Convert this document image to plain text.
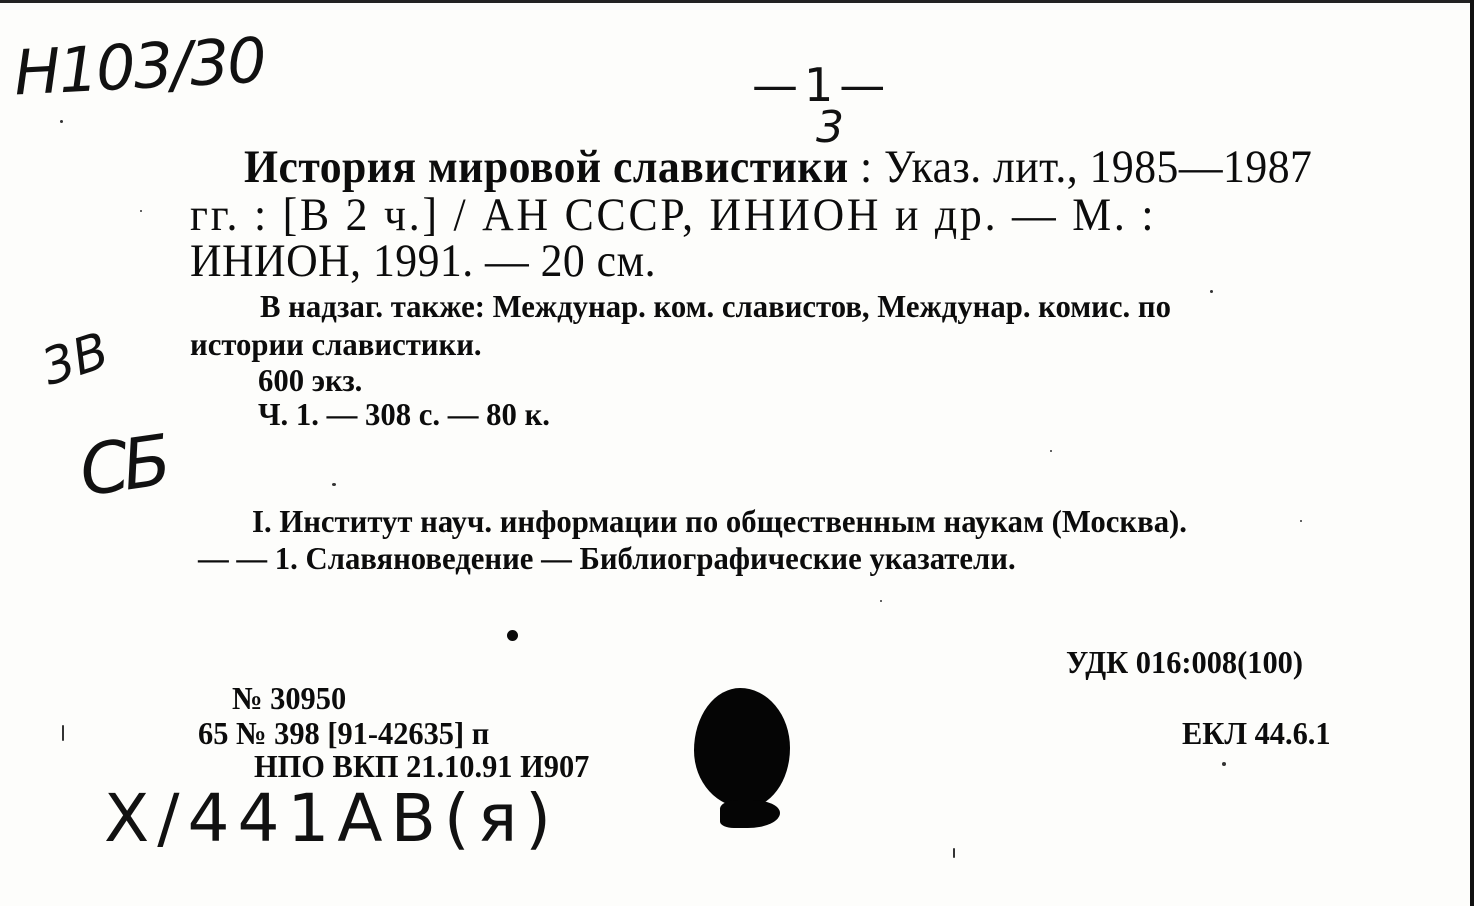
Н103/30	—1—
3
3В
СБ
Х/441АВ(я)
История мировой славистики : Указ. лит., 1985—1987
гг. : [В 2 ч.] / АН СССР, ИНИОН и др. — М. :
ИНИОН, 1991. — 20 см.
В надзаг. также: Междунар. ком. славистов, Междунар. комис. по
истории славистики.
600 экз.
Ч. 1. — 308 с. — 80 к.
I. Институт науч. информации по общественным наукам (Москва).
— — 1. Славяноведение — Библиографические указатели.
УДК 016:008(100)
ЕКЛ 44.6.1
№ 30950
65 № 398 [91-42635] п
НПО ВКП 21.10.91 И907
